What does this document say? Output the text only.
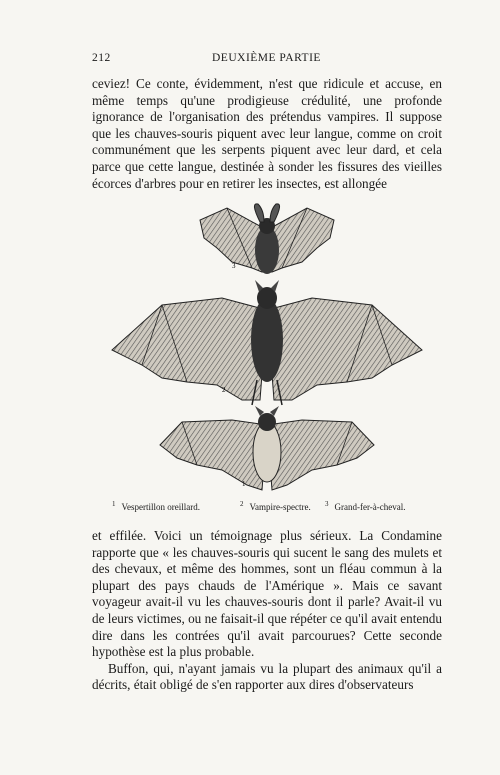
212	DEUXIÈME PARTIE

ceviez! Ce conte, évidemment, n'est que ridicule et accuse, en même temps qu'une prodigieuse crédulité, une profonde ignorance de l'organisation des prétendus vampires. Il suppose que les chauves-souris piquent avec leur langue, comme on croit communément que les serpents piquent avec leur dard, et cela parce que cette langue, destinée à sonder les fissures des vieilles écorces d'arbres pour en retirer les insectes, est allongée

3
2
1
$^1$ Vespertillon oreillard.	$^2$ Vampire-spectre. $^3$ Grand-fer-à-cheval.

et effilée. Voici un témoignage plus sérieux. La Condamine rapporte que « les chauves-souris qui sucent le sang des mulets et des chevaux, et même des hommes, sont un fléau commun à la plupart des pays chauds de l'Amérique ». Mais ce savant voyageur avait-il vu les chauves-souris dont il parle? Avait-il vu de leurs victimes, ou ne faisait-il que répéter ce qu'il avait entendu dire dans les contrées qu'il avait parcourues? Cette seconde hypothèse est la plus probable.

Buffon, qui, n'ayant jamais vu la plupart des animaux qu'il a décrits, était obligé de s'en rapporter aux dires d'observateurs
